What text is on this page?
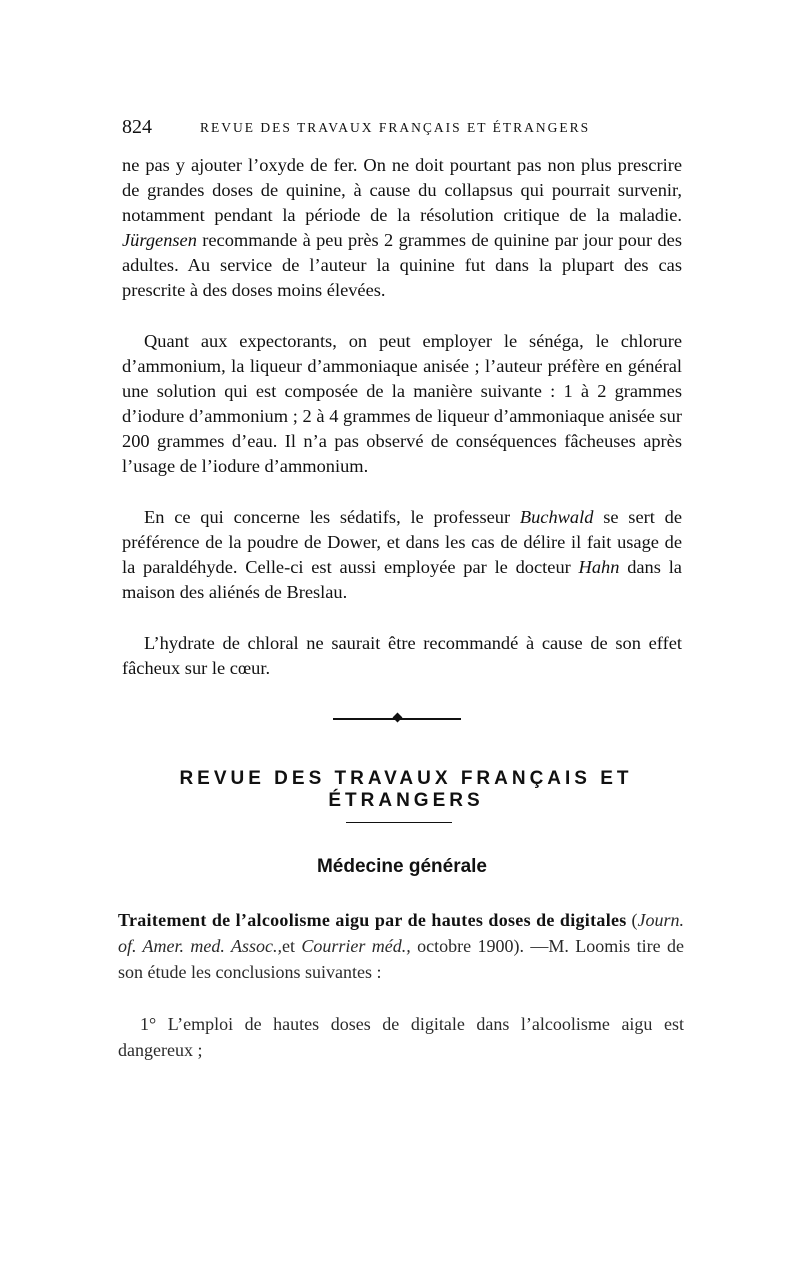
824	REVUE DES TRAVAUX FRANÇAIS ET ÉTRANGERS

ne pas y ajouter l’oxyde de fer. On ne doit pourtant pas non plus prescrire de grandes doses de quinine, à cause du collapsus qui pourrait survenir, notamment pendant la période de la résolution critique de la maladie. Jürgensen recommande à peu près 2 grammes de quinine par jour pour des adultes. Au service de l’auteur la quinine fut dans la plupart des cas prescrite à des doses moins élevées.

Quant aux expectorants, on peut employer le sénéga, le chlorure d’ammonium, la liqueur d’ammoniaque anisée ; l’auteur préfère en général une solution qui est composée de la manière suivante : 1 à 2 grammes d’iodure d’ammonium ; 2 à 4 grammes de liqueur d’ammoniaque anisée sur 200 grammes d’eau. Il n’a pas observé de conséquences fâcheuses après l’usage de l’iodure d’ammonium.

En ce qui concerne les sédatifs, le professeur Buchwald se sert de préférence de la poudre de Dower, et dans les cas de délire il fait usage de la paraldéhyde. Celle-ci est aussi employée par le docteur Hahn dans la maison des aliénés de Breslau.

L’hydrate de chloral ne saurait être recommandé à cause de son effet fâcheux sur le cœur.

REVUE DES TRAVAUX FRANÇAIS ET ÉTRANGERS
Médecine générale

Traitement de l’alcoolisme aigu par de hautes doses de digitales (Journ. of. Amer. med. Assoc.,et Courrier méd., octobre 1900). —M. Loomis tire de son étude les conclusions suivantes :

1° L’emploi de hautes doses de digitale dans l’alcoolisme aigu est dangereux ;
